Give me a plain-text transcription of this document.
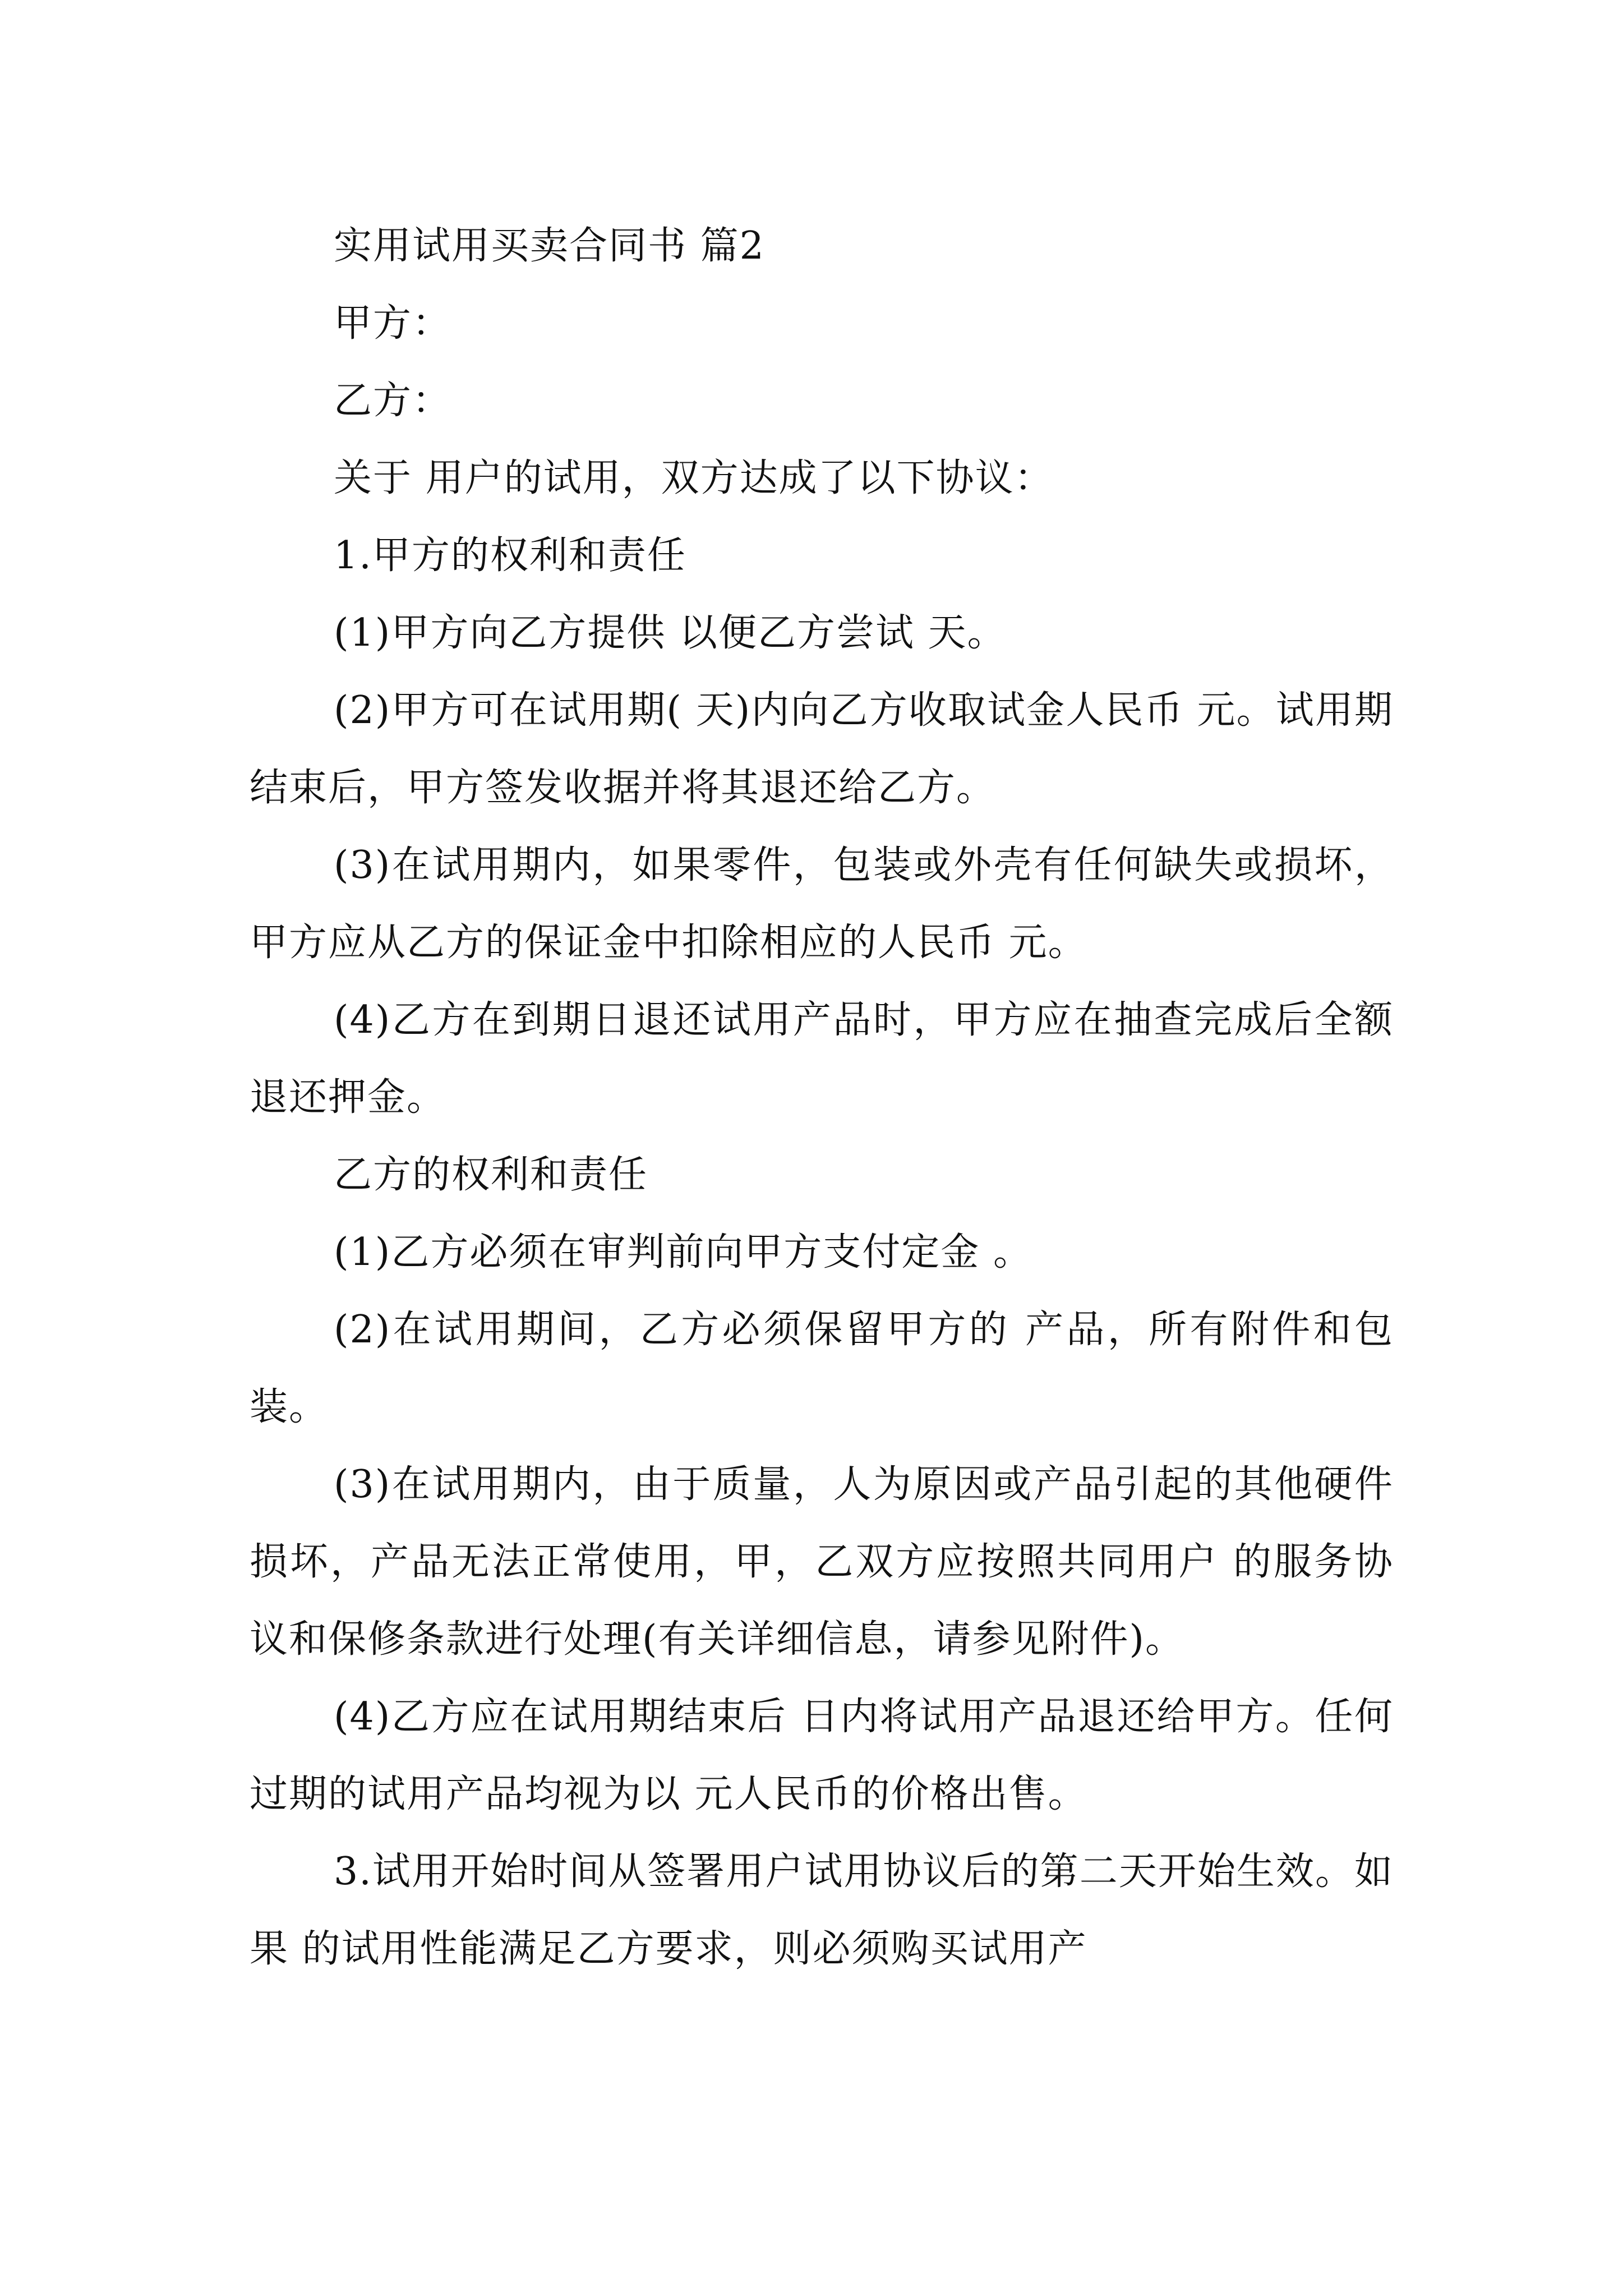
实用试用买卖合同书 篇2

甲方：

乙方：

关于 用户的试用，双方达成了以下协议：

1.甲方的权利和责任

(1)甲方向乙方提供 以便乙方尝试 天。

(2)甲方可在试用期( 天)内向乙方收取试金人民币 元。试用期结束后，甲方签发收据并将其退还给乙方。

(3)在试用期内，如果零件，包装或外壳有任何缺失或损坏，甲方应从乙方的保证金中扣除相应的人民币 元。

(4)乙方在到期日退还试用产品时，甲方应在抽查完成后全额退还押金。

乙方的权利和责任

(1)乙方必须在审判前向甲方支付定金 。

(2)在试用期间，乙方必须保留甲方的 产品，所有附件和包装。

(3)在试用期内，由于质量，人为原因或产品引起的其他硬件损坏，产品无法正常使用，甲，乙双方应按照共同用户 的服务协议和保修条款进行处理(有关详细信息，请参见附件)。

(4)乙方应在试用期结束后 日内将试用产品退还给甲方。任何过期的试用产品均视为以 元人民币的价格出售。

3.试用开始时间从签署用户试用协议后的第二天开始生效。如果 的试用性能满足乙方要求，则必须购买试用产
